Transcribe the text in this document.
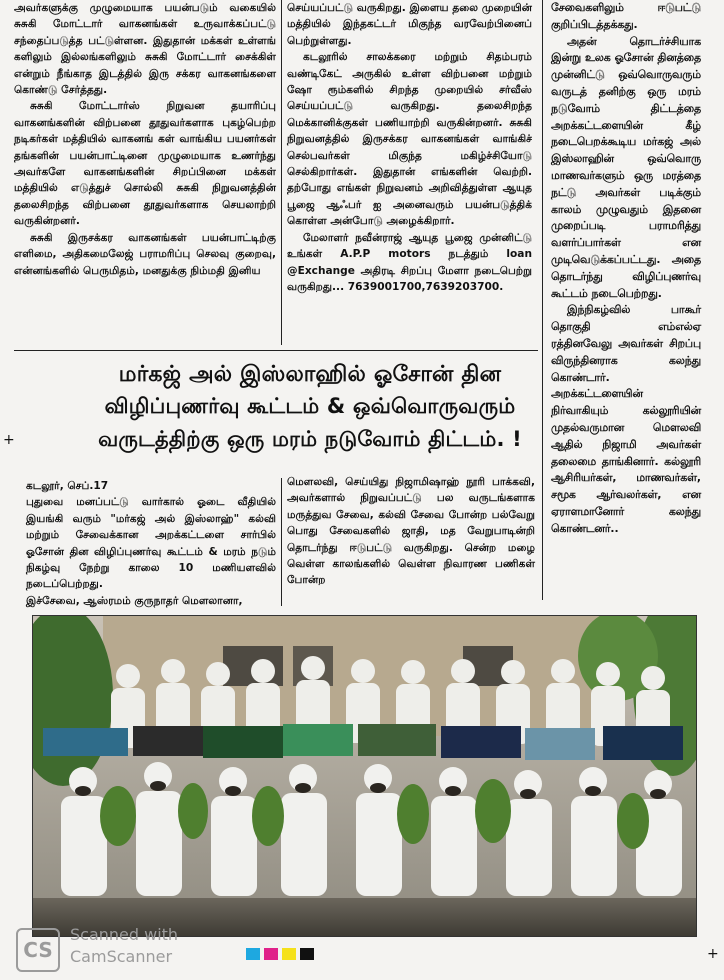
அவர்களுக்கு முழுமையாக பயன்படும் வகையில் சுசுகி மோட்டார் வாகனங்கள் உருவாக்கப்பட்டு சந்தைப்படுத்த பட்டுள்ளன. இதுதான் மக்கள் உள்ளங் களிலும் இல்லங்களிலும் சுசுகி மோட்டார் சைக்கிள் என்றும் நீங்காத இடத்தில் இரு சக்கர வாகனங்களை கொண்டு சேர்த்தது.

சுசுகி மோட்டார்ஸ் நிறுவன தயாரிப்பு வாகனங்களின் விற்பனை தூதுவர்களாக புகழ்பெற்ற நடிகர்கள் மத்தியில் வாகனங் கள் வாங்கிய பயனர்கள் தங்களின் பயன்பாட்டினை முழுமையாக உணர்ந்து அவர்களே வாகனங்களின் சிறப்பினை மக்கள் மத்தியில் எடுத்துச் சொல்லி சுசுகி நிறுவனத்தின் தலைசிறந்த விற்பனை தூதுவர்களாக செயலாற்றி வருகின்றனர்.

சுசுகி இருசக்கர வாகனங்கள் பயன்பாட்டிற்கு எளிமை, அதிகமைலேஜ் பராமரிப்பு செலவு குறைவு, என்னங்களில் பெருமிதம், மனதுக்கு நிம்மதி இனிய

செய்யப்பட்டு வருகிறது. இளைய தலை முறையின் மத்தியில் இந்தகட்டர் மிகுந்த வரவேற்பினைப் பெற்றுள்ளது.

கடலூரில் சாலக்கரை மற்றும் சிதம்பரம் வண்டிகேட் அருகில் உள்ள விற்பனை மற்றும் ஷோ ரூம்களில் சிறந்த முறையில் சர்வீஸ் செய்யப்பட்டு வருகிறது. தலைசிறந்த மெக்கானிக்குகள் பணியாற்றி வருகின்றனர். சுசுகி நிறுவனத்தில் இருசக்கர வாகனங்கள் வாங்கிச் செல்பவர்கள் மிகுந்த மகிழ்ச்சியோடு செல்கிறார்கள். இதுதான் எங்களின் வெற்றி. தற்போது எங்கள் நிறுவனம் அறிவித்துள்ள ஆயுத பூஜை ஆஃபர் ஐ அனைவரும் பயன்படுத்திக் கொள்ள அன்போடு அழைக்கிறார்.

மேலாளர் நவீன்ராஜ் ஆயுத பூஜை முன்னிட்டு உங்கள் A.P.P motors நடத்தும் loan @Exchange அதிரடி சிறப்பு மேளா நடைபெற்று வருகிறது... 7639001700,7639203700.

சேவைகளிலும் ஈடுபட்டு குறிப்பிடத்தக்கது.

அதன் தொடர்ச்சியாக இன்று உலக ஓசோன் தினத்தை முன்னிட்டு ஒவ்வொருவரும் வருடத் தனிற்கு ஒரு மரம் நடுவோம் திட்டத்தை அறக்கட்டளையின் கீழ் நடைபெறக்கூடிய மர்கஜ் அல் இஸ்லாஹின் ஒவ்வொரு மாணவர்களும் ஒரு மரத்தை நட்டு அவர்கள் படிக்கும் காலம் முழுவதும் இதனை முறைப்படி பராமரித்து வளர்ப்பார்கள் என முடிவெடுக்கப்பட்டது. அதை தொடர்ந்து விழிப்புணர்வு கூட்டம் நடைபெற்றது.

இந்நிகழ்வில் பாகூர் தொகுதி எம்எல்ஏ ரத்தினவேலு அவர்கள் சிறப்பு விருந்தினராக கலந்து கொண்டார். அறக்கட்டளையின் நிர்வாகியும் கல்லூரியின் முதல்வருமான மௌலவி ஆதில் நிஜாமி அவர்கள் தலைமை தாங்கினார். கல்லூரி ஆசிரியர்கள், மாணவர்கள், சமூக ஆர்வலர்கள், என ஏராளமானோர் கலந்து கொண்டனர்..

மர்கஜ் அல் இஸ்லாஹில் ஓசோன் தின
விழிப்புணர்வு கூட்டம் & ஒவ்வொருவரும்
வருடத்திற்கு ஒரு மரம் நடுவோம் திட்டம். !
+

கடலூர், செப்.17

புதுவை மனப்பட்டு வார்கால் ஓடை வீதியில் இயங்கி வரும் "மர்கஜ் அல் இஸ்லாஹ்" கல்வி மற்றும் சேவைக்கான அறக்கட்டளை சார்பில் ஓசோன் தின விழிப்புணர்வு கூட்டம் & மரம் நடும் நிகழ்வு நேற்று காலை 10 மணியளவில் நடைப்பெற்றது.

இச்சேவை, ஆஸ்ரமம் குருநாதர் மௌலானா,

மௌலவி, செய்யிது நிஜாமிஷாஹ் நூரி பாக்கவி, அவர்களால் நிறுவப்பட்டு பல வருடங்களாக மருத்துவ சேவை, கல்வி சேவை போன்ற பல்வேறு பொது சேவைகளில் ஜாதி, மத வேறுபாடின்றி தொடர்ந்து ஈடுபட்டு வருகிறது. சென்ற மழை வெள்ள காலங்களில் வெள்ள நிவாரண பணிகள் போன்ற

+
CS
Scanned with
CamScanner
